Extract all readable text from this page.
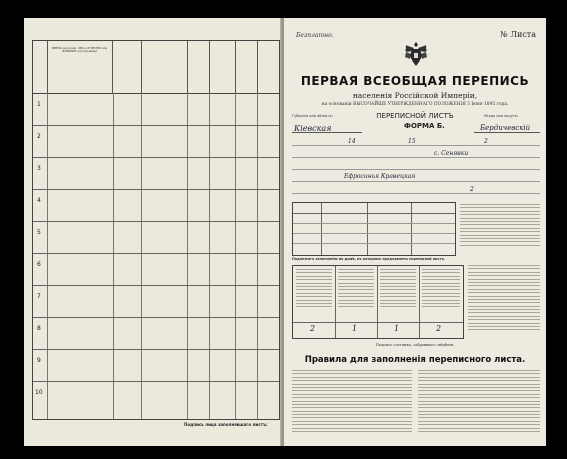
ИМЕНА (мужские), ОВО и ОТЧЕСТВО или ФАМИЛИЯ, или прозвище
1
2
3
4
5
6
7
8
9
10
Подпись лица заполнявшаго листъ:
Безплатно.	№ Листа
ПЕРВАЯ ВСЕОБЩАЯ ПЕРЕПИСЬ
населенія Россійской Имперіи,
на основаніи ВЫСОЧАЙШЕ УТВЕРЖДЕННАГО ПОЛОЖЕНІЯ 5 Іюня 1895 года.
Губернія или область:
Кіевская
ПЕРЕПИСНОЙ ЛИСТЪ
ФОРМА Б.
Уѣздъ или округъ:
Бердичевскій
14	15	2
с. Сенявки
Ефросинья Кравецкая
2
Подлежитъ заполненію въ домѣ, въ которомъ предъявленъ переписной листъ.
2	1	1	2
Подпись счетчика, собравшаго свѣдѣнія:
Правила для заполненія переписного листа.
